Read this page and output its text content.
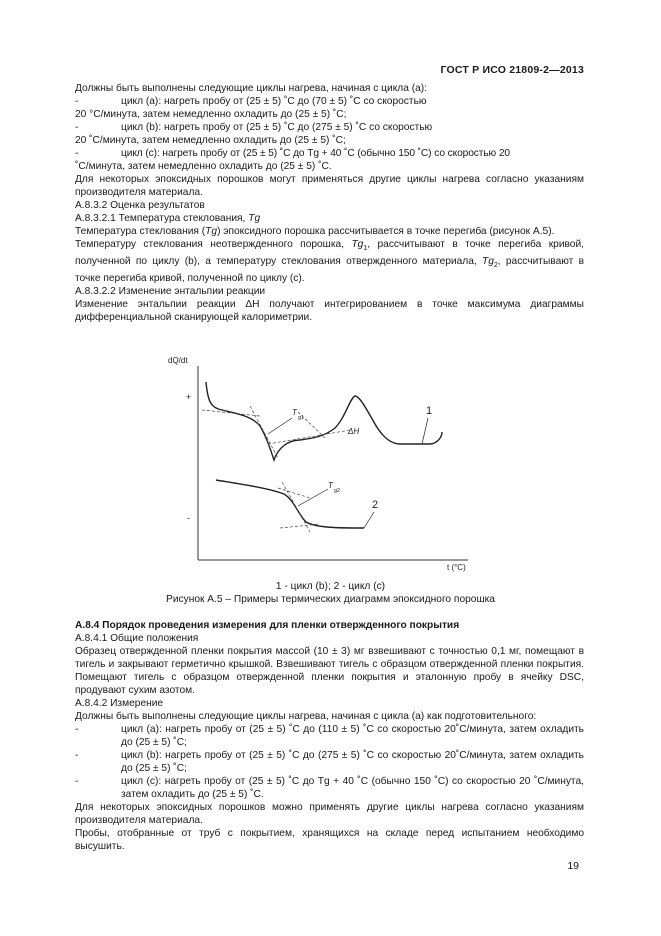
ГОСТ Р ИСО 21809-2—2013

Должны быть выполнены следующие циклы нагрева, начиная с цикла (а):

-	цикл (а): нагреть пробу от (25 ± 5) ˚С до (70 ± 5) ˚С со скоростью

20 °С/минута, затем немедленно охладить до (25 ± 5) ˚С;

-	цикл (b): нагреть пробу от (25 ± 5) ˚С до (275 ± 5) ˚С со скоростью

20 ˚С/минута, затем немедленно охладить до (25 ± 5) ˚С;

-	цикл (с): нагреть пробу от (25 ± 5) ˚С до Tg + 40 ˚С (обычно 150 ˚С) со скоростью 20

˚С/минута, затем немедленно охладить до (25 ± 5) ˚С.

Для некоторых эпоксидных порошков могут применяться другие циклы нагрева согласно указаниям производителя материала.

А.8.3.2 Оценка результатов

А.8.3.2.1 Температура стеклования, Tg

Температура стеклования (Tg) эпоксидного порошка рассчитывается в точке перегиба (рисунок А.5).

Температуру стеклования неотвержденного порошка, $Tg_1$, рассчитывают в точке перегиба кривой, полученной по циклу (b), а температуру стеклования отвержденного материала, $Tg_2$, рассчитывают в точке перегиба кривой, полученной по циклу (с).

А.8.3.2.2 Изменение энтальпии реакции

Изменение энтальпии реакции ΔН получают интегрированием в точке максимума диаграммы дифференциальной сканирующей калориметрии.

dQ/dt
+
-
t (°C)
T
g1
ΔH
1
T
g2
2
1 - цикл (b); 2 - цикл (с)
Рисунок А.5 – Примеры термических диаграмм эпоксидного порошка

А.8.4 Порядок проведения измерения для пленки отвержденного покрытия

А.8.4.1 Общие положения

Образец отвержденной пленки покрытия массой (10 ± 3) мг взвешивают с точностью 0,1 мг, помещают в тигель и закрывают герметично крышкой. Взвешивают тигель с образцом отвержденной пленки покрытия. Помещают тигель с образцом отвержденной пленки покрытия и эталонную пробу в ячейку DSC, продувают сухим азотом.

А.8.4.2 Измерение

Должны быть выполнены следующие циклы нагрева, начиная с цикла (а) как подготовительного:

-	цикл (а): нагреть пробу от (25 ± 5) ˚С до (110 ± 5) ˚С со скоростью 20˚С/минута, затем охладить до (25 ± 5) ˚С;
-	цикл (b): нагреть пробу от (25 ± 5) ˚С до (275 ± 5) ˚С со скоростью 20˚С/минута, затем охладить до (25 ± 5) ˚С;
-	цикл (с): нагреть пробу от (25 ± 5) ˚С до Tg + 40 ˚С (обычно 150 ˚С) со скоростью 20 ˚С/минута, затем охладить до (25 ± 5) ˚С.

Для некоторых эпоксидных порошков можно применять другие циклы нагрева согласно указаниям производителя материала.

Пробы, отобранные от труб с покрытием, хранящихся на складе перед испытанием необходимо высушить.

19
